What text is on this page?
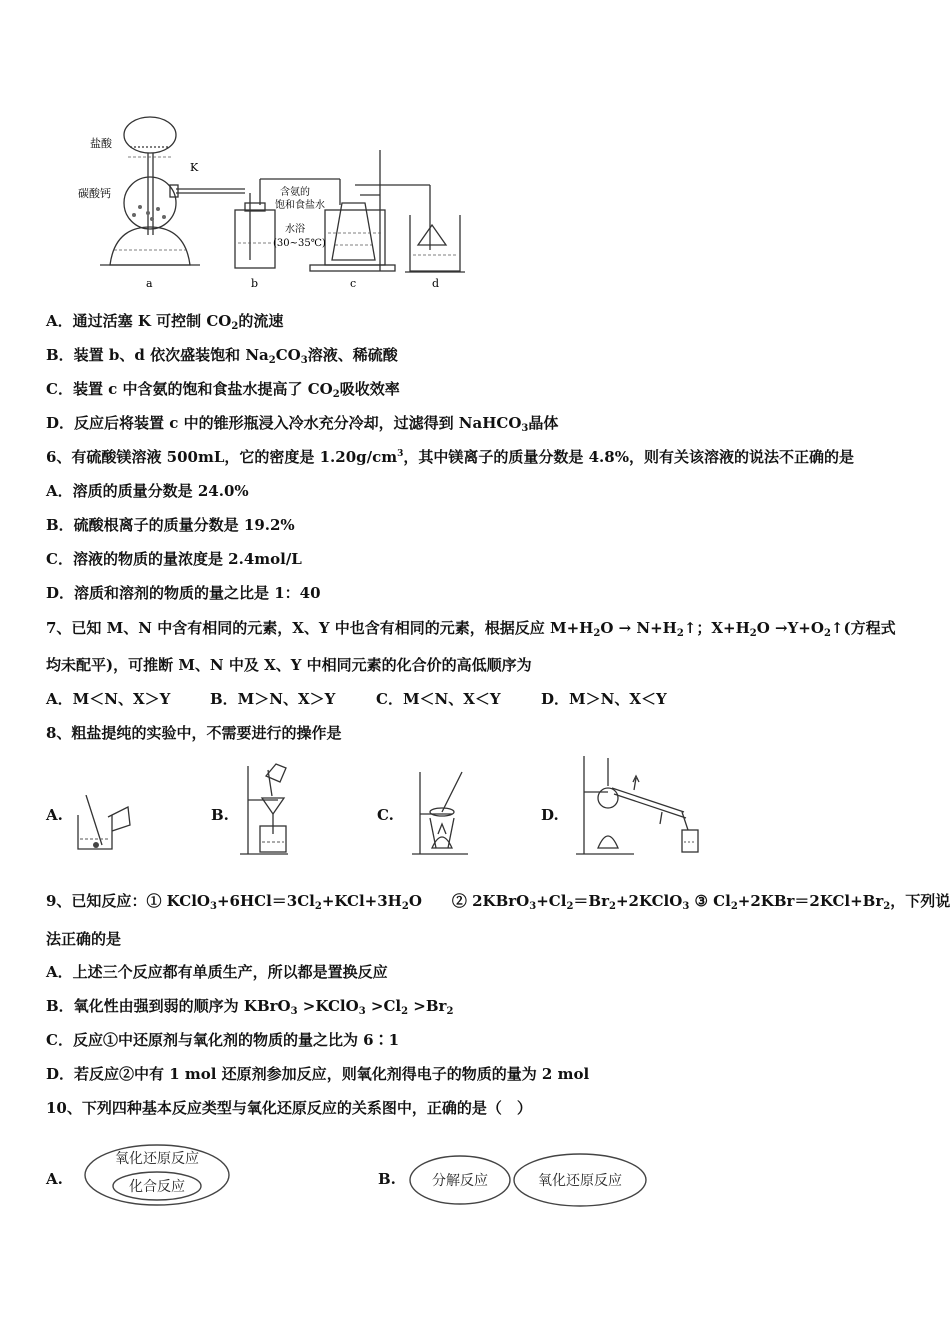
盐酸
碳酸钙
K
含氨的
饱和食盐水
水浴
(30~35℃)
a	b	c	d
A．通过活塞 K 可控制 $CO_2$的流速
B．装置 b、d 依次盛装饱和 $Na_2CO_3$溶液、稀硫酸
C．装置 c 中含氨的饱和食盐水提高了 $CO_2$吸收效率
D．反应后将装置 c 中的锥形瓶浸入冷水充分冷却，过滤得到 NaHCO$_3$晶体
6、有硫酸镁溶液 500mL，它的密度是 $1.20g/cm^3$，其中镁离子的质量分数是 4.8%，则有关该溶液的说法不正确的是
A．溶质的质量分数是 24.0%
B．硫酸根离子的质量分数是 19.2%
C．溶液的物质的量浓度是 2.4mol/L
D．溶质和溶剂的物质的量之比是 1：40
7、已知 M、N 中含有相同的元素，X、Y 中也含有相同的元素，根据反应 $M+H_2O$ → $N+H_2↑$；$X+H_2O$ $\to Y+O_2↑$(方程式
均未配平)，可推断 M、N 中及 X、Y 中相同元素的化合价的高低顺序为
A．M＜N、X＞Y	B．M＞N、X＞Y	C．M＜N、X＜Y	D．M＞N、X＜Y
8、粗盐提纯的实验中，不需要进行的操作是
A.	B.	C.	D.
9、已知反应：① $KClO_3+6HCl=3Cl_2+KCl+3H_2O$　　② $2KBrO_3+Cl_2=Br_2+2KClO_3$ ③ $Cl_2+2KBr=2KCl+Br_2$，下列说
法正确的是
A．上述三个反应都有单质生产，所以都是置换反应
B．氧化性由强到弱的顺序为 KBrO$_3$ >KClO$_3$ $>Cl_2 >Br_2$
C．反应①中还原剂与氧化剂的物质的量之比为 6∶1
D．若反应②中有 1 mol 还原剂参加反应，则氧化剂得电子的物质的量为 2 mol
10、下列四种基本反应类型与氧化还原反应的关系图中，正确的是（　）
A.
氧化还原反应
化合反应	B.	分解反应	氧化还原反应
